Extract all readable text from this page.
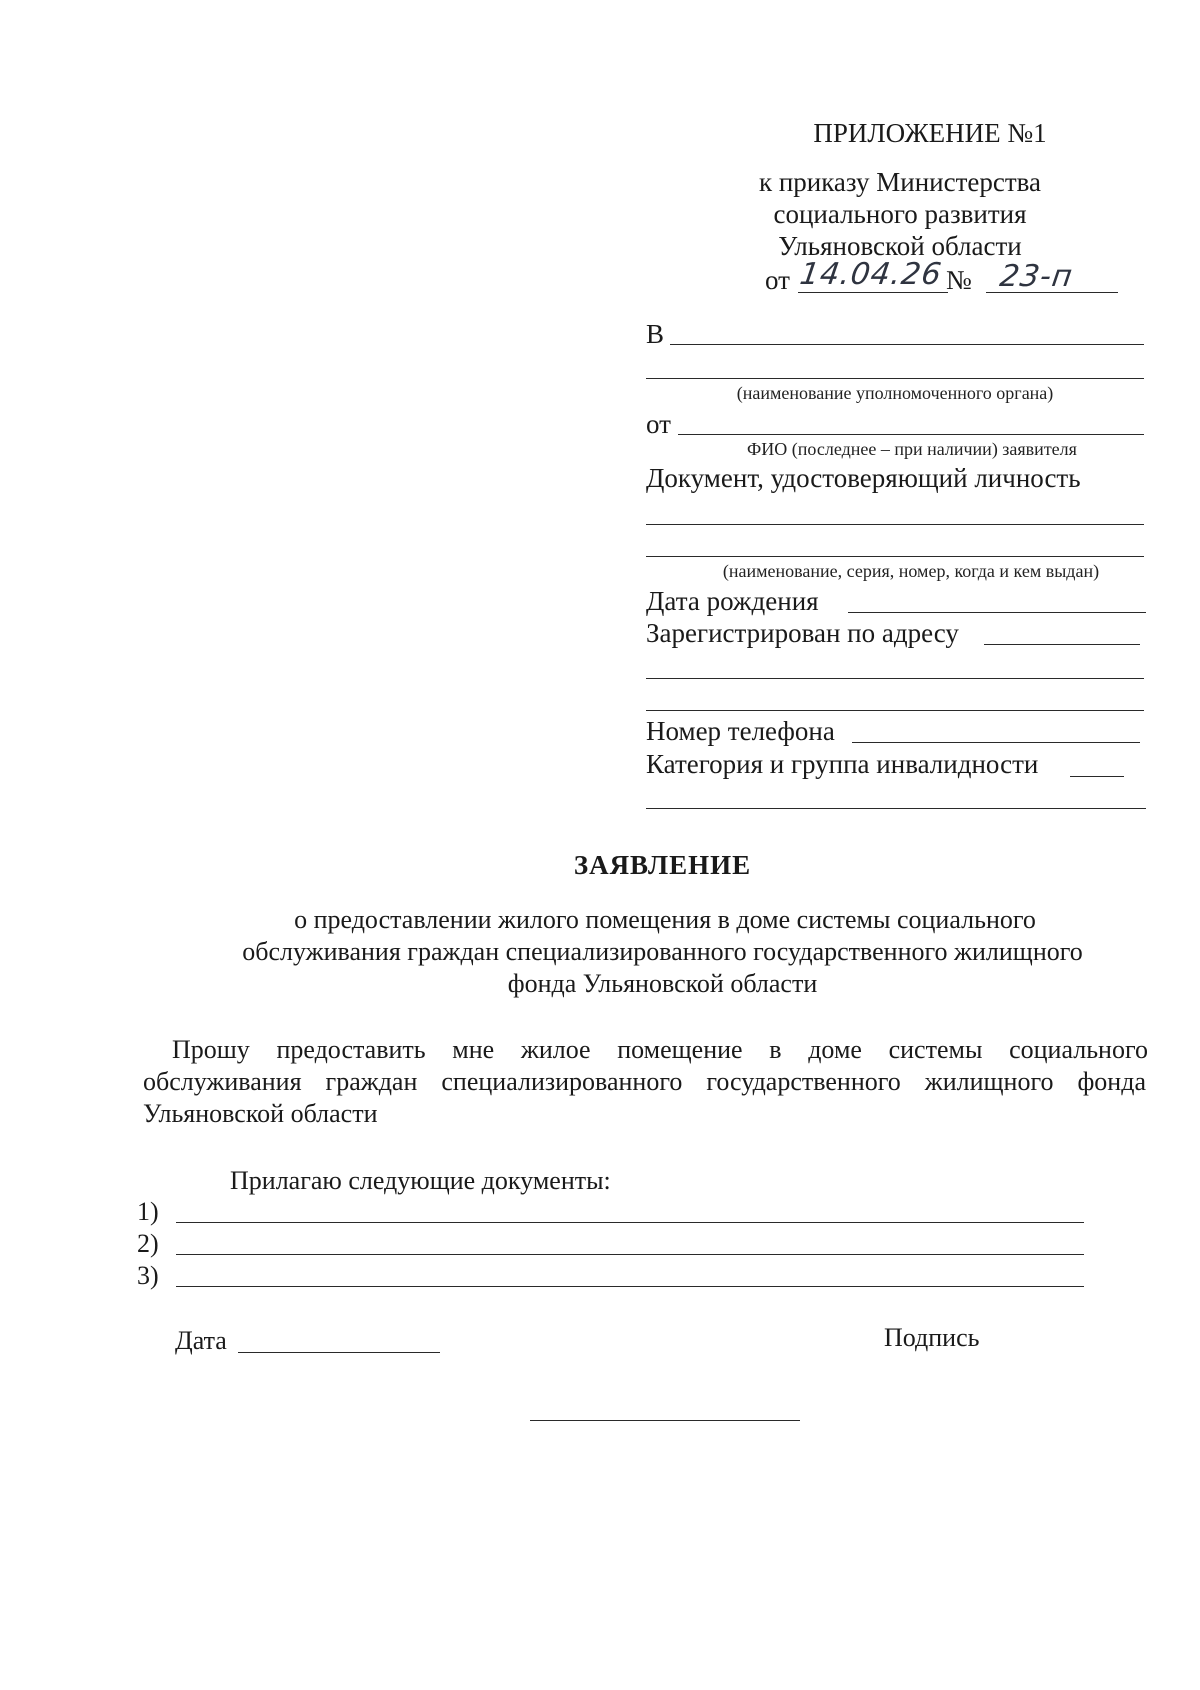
ПРИЛОЖЕНИЕ №1
к приказу Министерства
социального развития
Ульяновской области
от 14.04.26 № 23-п
В
(наименование уполномоченного органа)
от
ФИО (последнее – при наличии) заявителя
Документ, удостоверяющий личность
(наименование, серия, номер, когда и кем выдан)
Дата рождения
Зарегистрирован по адресу
Номер телефона
Категория и группа инвалидности
ЗАЯВЛЕНИЕ
о предоставлении жилого помещения в доме системы социального
обслуживания граждан специализированного государственного жилищного
фонда Ульяновской области
Прошу предоставить мне жилое помещение в доме системы социального
обслуживания граждан специализированного государственного жилищного фонда
Ульяновской области
Прилагаю следующие документы:
1)
2)
3)
Дата	Подпись
